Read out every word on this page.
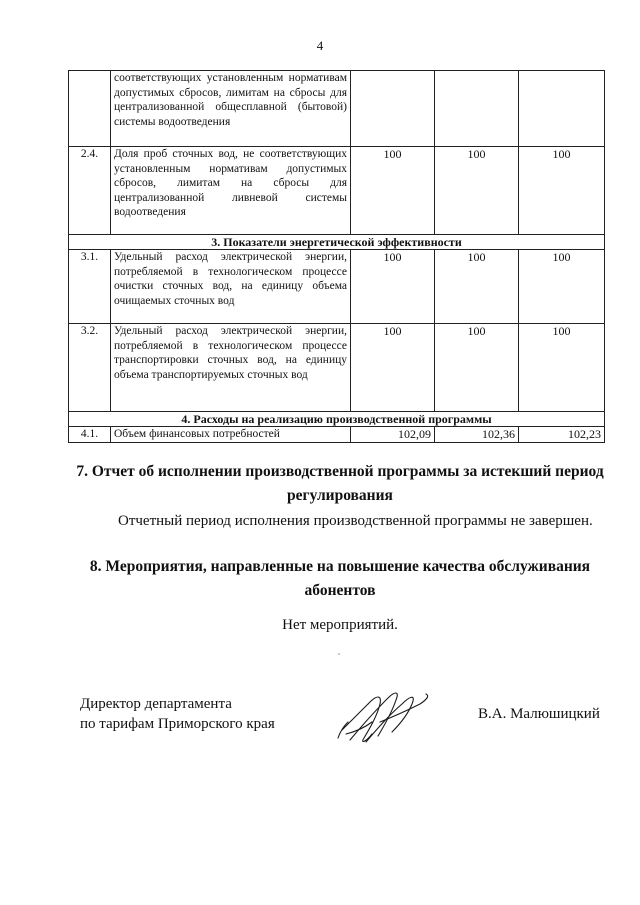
4
	соответствующих установленным нормативам допустимых сбросов, лимитам на сбросы для централизованной общесплавной (бытовой) системы водоотведения			
2.4.	Доля проб сточных вод, не соответствующих установленным нормативам допустимых сбросов, лимитам на сбросы для централизованной ливневой системы водоотведения	100	100	100
3. Показатели энергетической эффективности				
3.1.	Удельный расход электрической энергии, потребляемой в технологическом процессе очистки сточных вод, на единицу объема очищаемых сточных вод	100	100	100
3.2.	Удельный расход электрической энергии, потребляемой в технологическом процессе транспортировки сточных вод, на единицу объема транспортируемых сточных вод	100	100	100
4. Расходы на реализацию производственной программы				
4.1.	Объем финансовых потребностей	102,09	102,36	102,23
7. Отчет об исполнении производственной программы за истекший период регулирования
Отчетный период исполнения производственной программы не завершен.
8. Мероприятия, направленные на повышение качества обслуживания абонентов
Нет мероприятий.
Директор департамента
по тарифам Приморского края
В.А. Малюшицкий
